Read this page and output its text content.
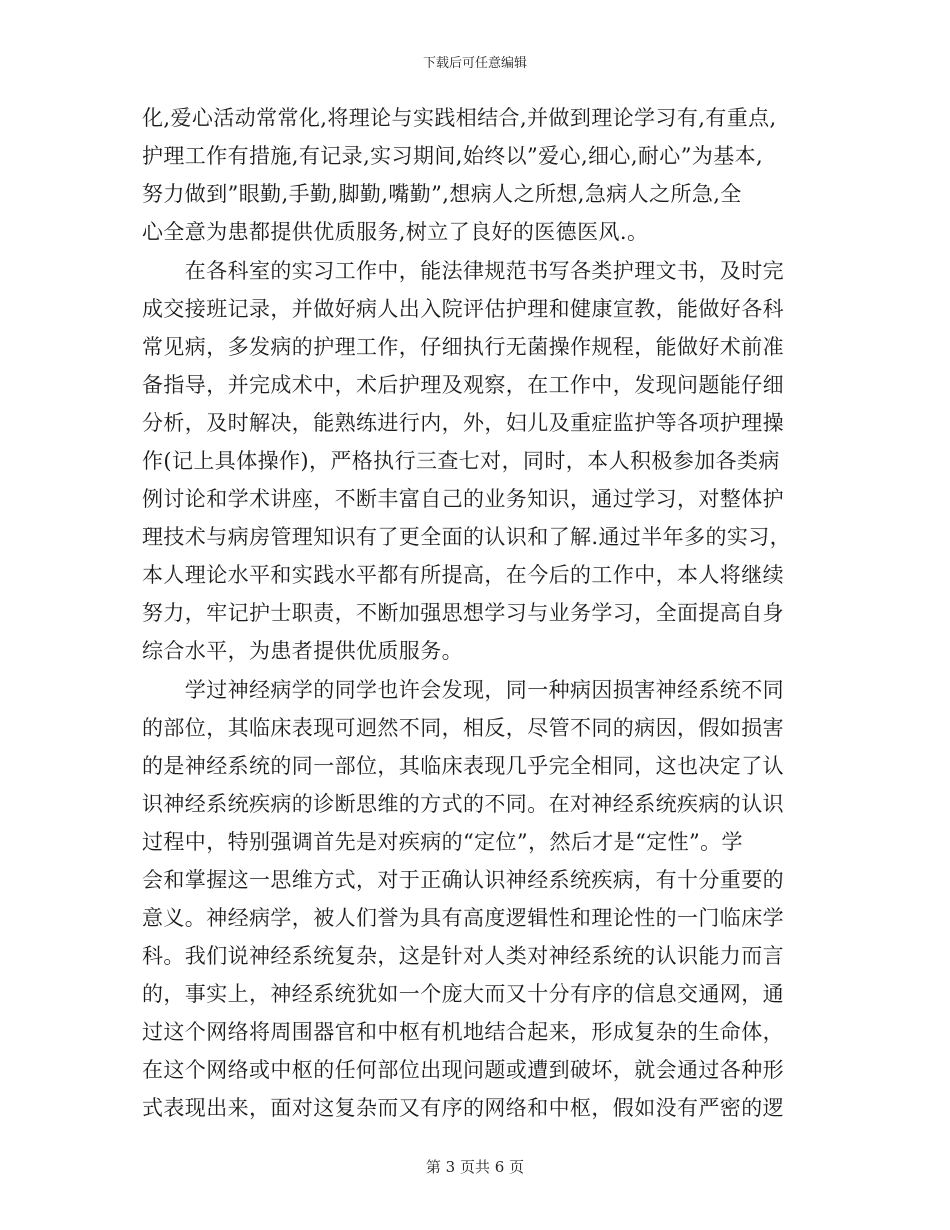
下载后可任意编辑
化,爱心活动常常化,将理论与实践相结合,并做到理论学习有,有重点,
护理工作有措施,有记录,实习期间,始终以”爱心,细心,耐心”为基本,
努力做到”眼勤,手勤,脚勤,嘴勤”,想病人之所想,急病人之所急,全
心全意为患都提供优质服务,树立了良好的医德医风.。
　　在各科室的实习工作中，能法律规范书写各类护理文书，及时完
成交接班记录，并做好病人出入院评估护理和健康宣教，能做好各科
常见病，多发病的护理工作，仔细执行无菌操作规程，能做好术前准
备指导，并完成术中，术后护理及观察，在工作中，发现问题能仔细
分析，及时解决，能熟练进行内，外，妇儿及重症监护等各项护理操
作(记上具体操作)，严格执行三查七对，同时，本人积极参加各类病
例讨论和学术讲座，不断丰富自己的业务知识，通过学习，对整体护
理技术与病房管理知识有了更全面的认识和了解.通过半年多的实习，
本人理论水平和实践水平都有所提高，在今后的工作中，本人将继续
努力，牢记护士职责，不断加强思想学习与业务学习，全面提高自身
综合水平，为患者提供优质服务。
　　学过神经病学的同学也许会发现，同一种病因损害神经系统不同
的部位，其临床表现可迥然不同，相反，尽管不同的病因，假如损害
的是神经系统的同一部位，其临床表现几乎完全相同，这也决定了认
识神经系统疾病的诊断思维的方式的不同。在对神经系统疾病的认识
过程中，特别强调首先是对疾病的“定位”，然后才是“定性”。学
会和掌握这一思维方式，对于正确认识神经系统疾病，有十分重要的
意义。神经病学，被人们誉为具有高度逻辑性和理论性的一门临床学
科。我们说神经系统复杂，这是针对人类对神经系统的认识能力而言
的，事实上，神经系统犹如一个庞大而又十分有序的信息交通网，通
过这个网络将周围器官和中枢有机地结合起来，形成复杂的生命体，
在这个网络或中枢的任何部位出现问题或遭到破坏，就会通过各种形
式表现出来，面对这复杂而又有序的网络和中枢，假如没有严密的逻
第 3 页共 6 页
